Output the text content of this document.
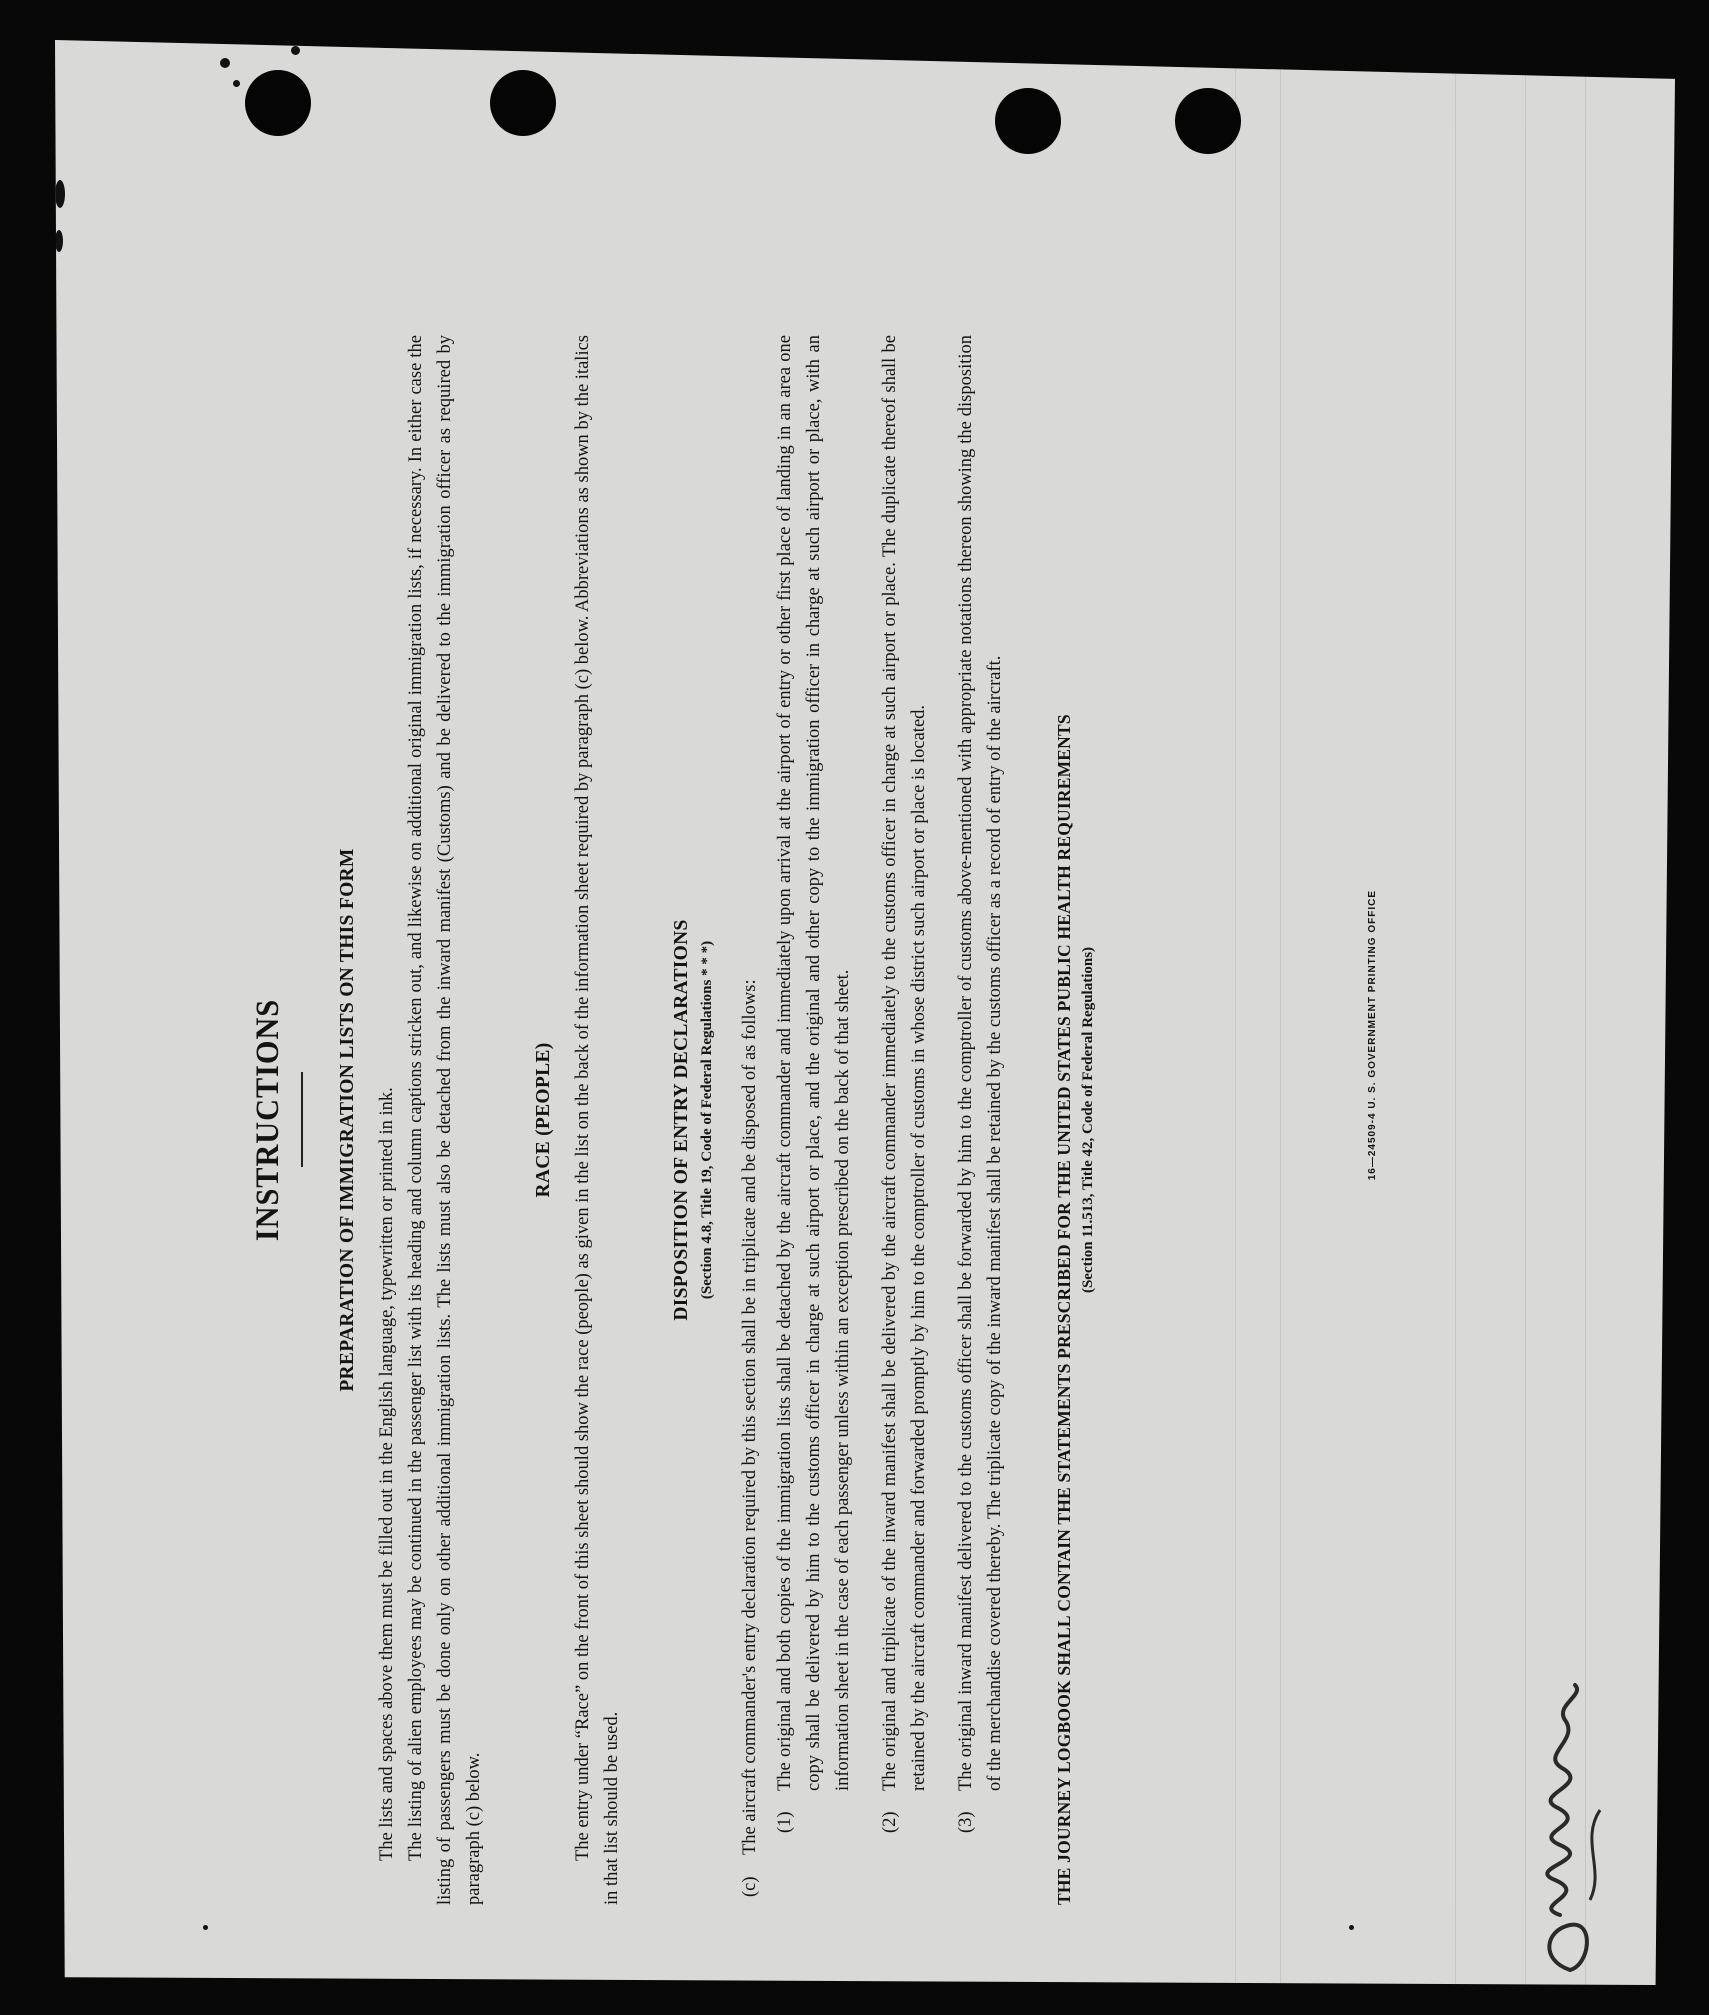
INSTRUCTIONS	PREPARATION OF IMMIGRATION LISTS ON THIS FORM The lists and spaces above them must be filled out in the English language, typewritten or printed in ink. The listing of alien employees may be continued in the passenger list with its heading and column captions stricken out, and likewise on additional original immigration lists, if necessary. In either case the listing of passengers must be done only on other additional immigration lists. The lists must also be detached from the inward manifest (Customs) and be delivered to the immigration officer as required by paragraph (c) below.

RACE (PEOPLE) The entry under “Race” on the front of this sheet should show the race (people) as given in the list on the back of the information sheet required by paragraph (c) below. Abbreviations as shown by the italics in that list should be used.

DISPOSITION OF ENTRY DECLARATIONS (Section 4.8, Title 19, Code of Federal Regulations * * *)
(c)

The aircraft commander's entry declaration required by this section shall be in triplicate and be disposed of as follows: (1)

The original and both copies of the immigration lists shall be detached by the aircraft commander and immediately upon arrival at the airport of entry or other first place of landing in an area one copy shall be delivered by him to the customs officer in charge at such airport or place, and the original and other copy to the immigration officer in charge at such airport or place, with an information sheet in the case of each passenger unless within an exception prescribed on the back of that sheet.

(2)

The original and triplicate of the inward manifest shall be delivered by the aircraft commander immediately to the customs officer in charge at such airport or place. The duplicate thereof shall be retained by the aircraft commander and forwarded promptly by him to the comptroller of customs in whose district such airport or place is located.

(3)

The original inward manifest delivered to the customs officer shall be forwarded by him to the comptroller of customs above-mentioned with appropriate notations thereon showing the disposition of the merchandise covered thereby. The triplicate copy of the inward manifest shall be retained by the customs officer as a record of entry of the aircraft.	THE JOURNEY LOGBOOK SHALL CONTAIN THE STATEMENTS PRESCRIBED FOR THE UNITED STATES PUBLIC HEALTH REQUIREMENTS (Section 11.513, Title 42, Code of Federal Regulations)	16—24509-4 U. S. GOVERNMENT PRINTING OFFICE
